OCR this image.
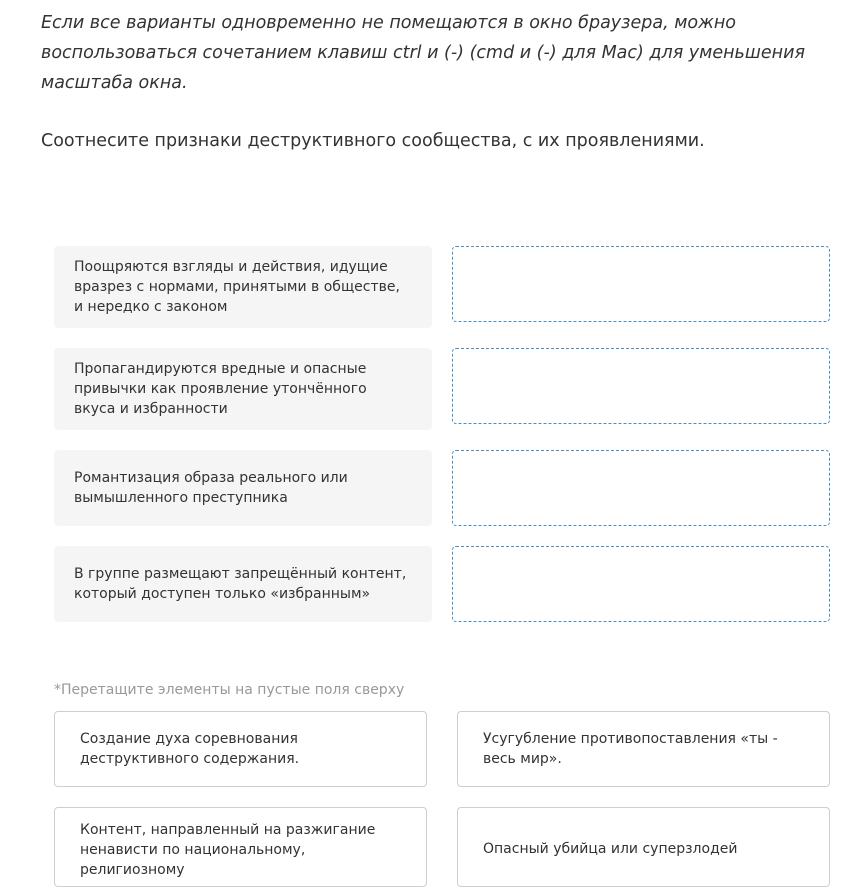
Если все варианты одновременно не помещаются в окно браузера, можно воспользоваться сочетанием клавиш ctrl и (-) (cmd и (-) для Mac) для уменьшения масштаба окна.

Соотнесите признаки деструктивного сообщества, с их проявлениями.

Поощряются взгляды и действия, идущие вразрез с нормами, принятыми в обществе, и нередко с законом
Пропагандируются вредные и опасные привычки как проявление утончённого вкуса и избранности
Романтизация образа реального или вымышленного преступника
В группе размещают запрещённый контент, который доступен только «избранным»
*Перетащите элементы на пустые поля сверху
Создание духа соревнования деструктивного содержания.
Усугубление противопоставления «ты - весь мир».
Контент, направленный на разжигание ненависти по национальному, религиозному
Опасный убийца или суперзлодей
